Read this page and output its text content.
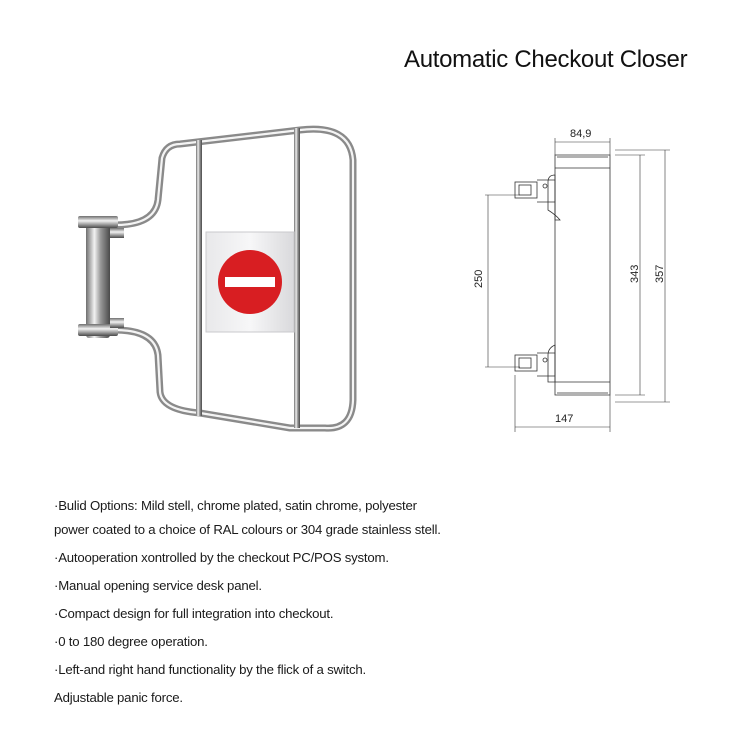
Automatic Checkout Closer
84,9
147
250	343 357

·Bulid Options: Mild stell, chrome plated, satin chrome, polyester power coated to a choice of RAL colours or 304 grade stainless stell.

·Autooperation xontrolled by the checkout PC/POS systom.

·Manual opening service desk panel.

·Compact design for full integration into checkout.

·0 to 180 degree operation.

·Left-and right hand functionality by the flick of a switch.

Adjustable panic force.
